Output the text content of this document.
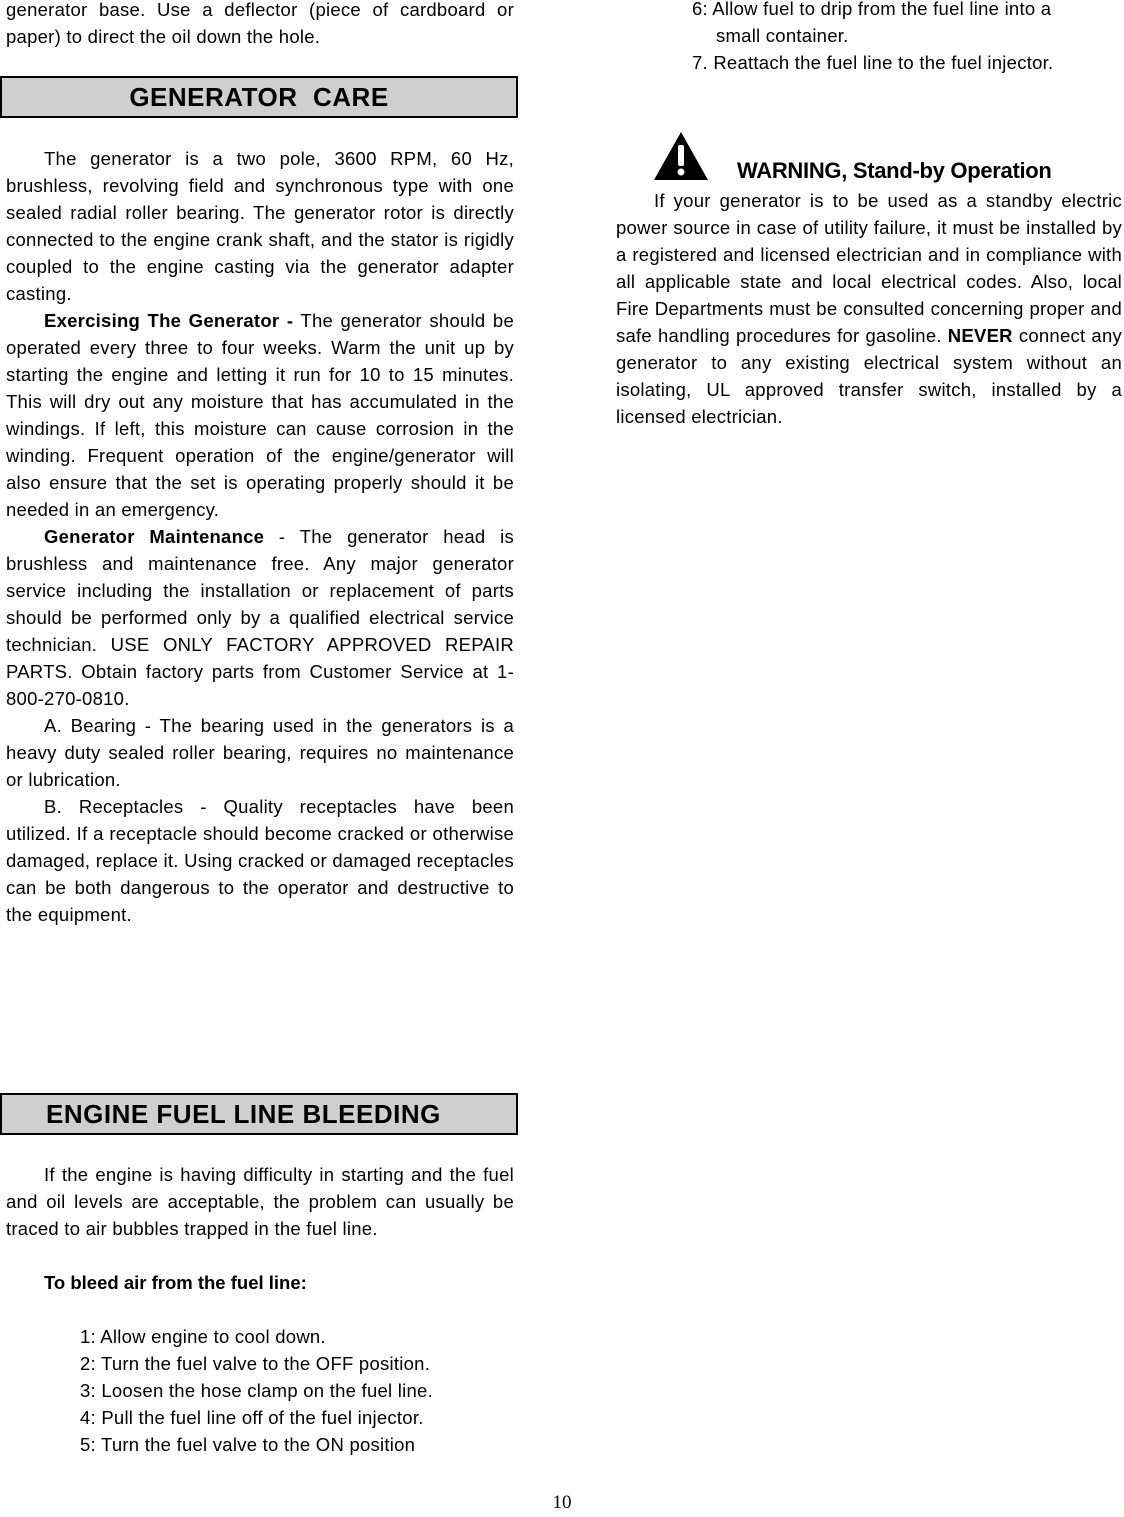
generator base. Use a deflector (piece of cardboard or paper) to direct the oil down the hole.

GENERATOR  CARE

The generator is a two pole, 3600 RPM, 60 Hz, brushless, revolving field and synchronous type with one sealed radial roller bearing. The generator rotor is directly connected to the engine crank shaft, and the stator is rigidly coupled to the engine casting via the generator adapter casting.

Exercising The Generator - The generator should be operated every three to four weeks. Warm the unit up by starting the engine and letting it run for 10 to 15 minutes. This will dry out any moisture that has accumulated in the windings. If left, this moisture can cause corrosion in the winding. Frequent operation of the engine/generator will also ensure that the set is operating properly should it be needed in an emergency.

Generator Maintenance - The generator head is brushless and maintenance free. Any major generator service including the installation or replacement of parts should be performed only by a qualified electrical service technician. USE ONLY FACTORY APPROVED REPAIR PARTS. Obtain factory parts from Customer Service at 1-800-270-0810.

A. Bearing - The bearing used in the generators is a heavy duty sealed roller bearing, requires no maintenance or lubrication.

B. Receptacles - Quality receptacles have been utilized. If a receptacle should become cracked or otherwise damaged, replace it. Using cracked or damaged receptacles can be both dangerous to the operator and destructive to the equipment.

ENGINE FUEL LINE BLEEDING

If the engine is having difficulty in starting and the fuel and oil levels are acceptable, the problem can usually be traced to air bubbles trapped in the fuel line.

To bleed air from the fuel line:
1: Allow engine to cool down.
2: Turn the fuel valve to the OFF position.
3: Loosen the hose clamp on the fuel line.
4: Pull the fuel line off of the fuel injector.
5: Turn the fuel valve to the ON position
6: Allow fuel to drip from the fuel line into a
small container.
7. Reattach the fuel line to the fuel injector.
WARNING, Stand-by Operation

If your generator is to be used as a standby electric power source in case of utility failure, it must be installed by a registered and licensed electrician and in compliance with all applicable state and local electrical codes. Also, local Fire Departments must be consulted concerning proper and safe handling procedures for gasoline. NEVER connect any generator to any existing electrical system without an isolating, UL approved transfer switch, installed by a licensed electrician.

10
